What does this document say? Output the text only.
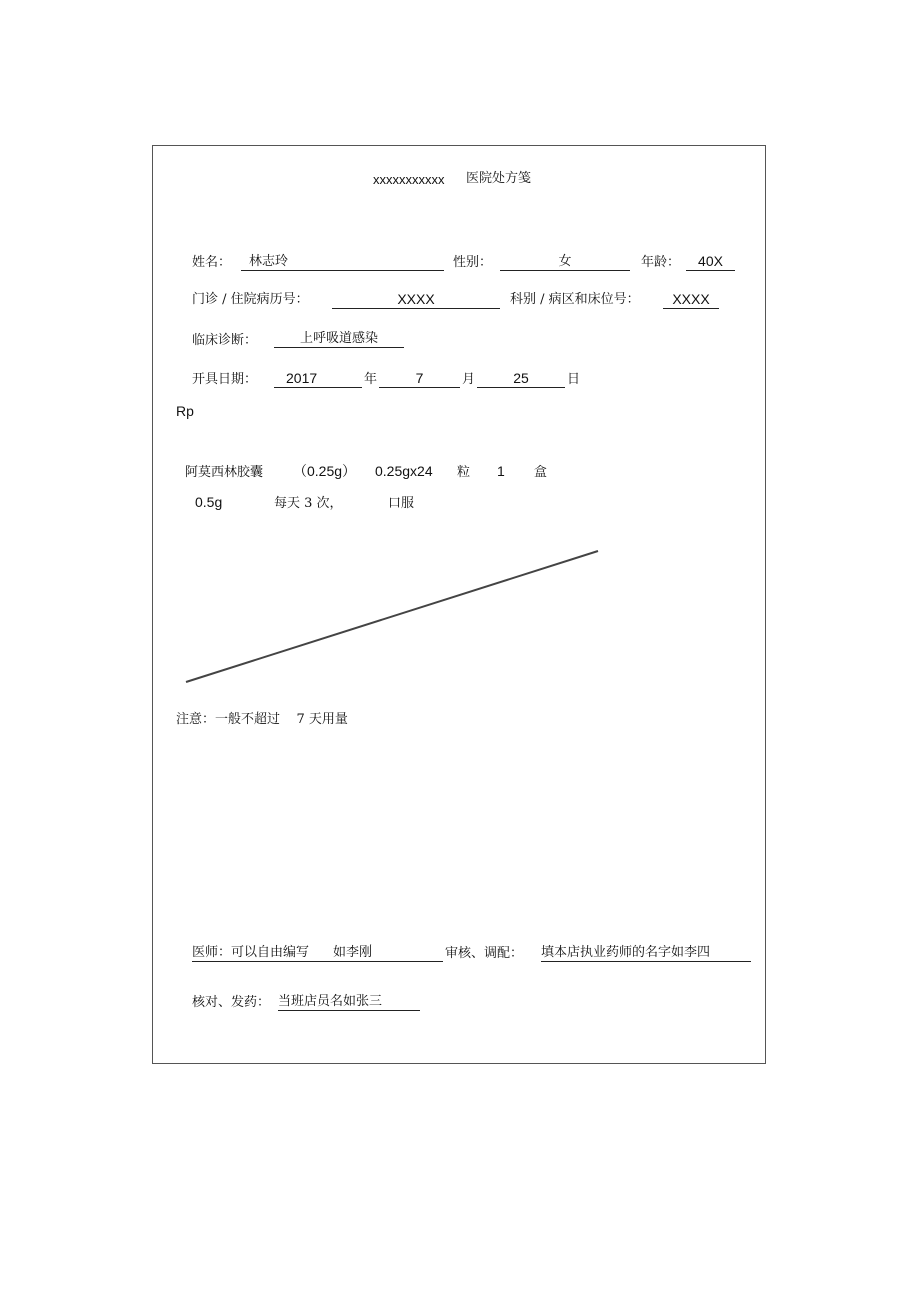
xxxxxxxxxxx 医院处方笺
姓名：	林志玲	性别：	女	年龄：	40X
门诊 / 住院病历号：	XXXX	科别 / 病区和床位号：	XXXX
临床诊断：	上呼吸道感染
开具日期：	2017	年	7	月	25	日
Rp
阿莫西林胶囊 （0.25g） 0.25gx24 粒 1 盒
0.5g	每天 3 次，	口服
注意：一般不超过    7 天用量
医师：可以自由编写 如李刚	审核、调配： 填本店执业药师的名字如李四
核对、发药： 当班店员名如张三
